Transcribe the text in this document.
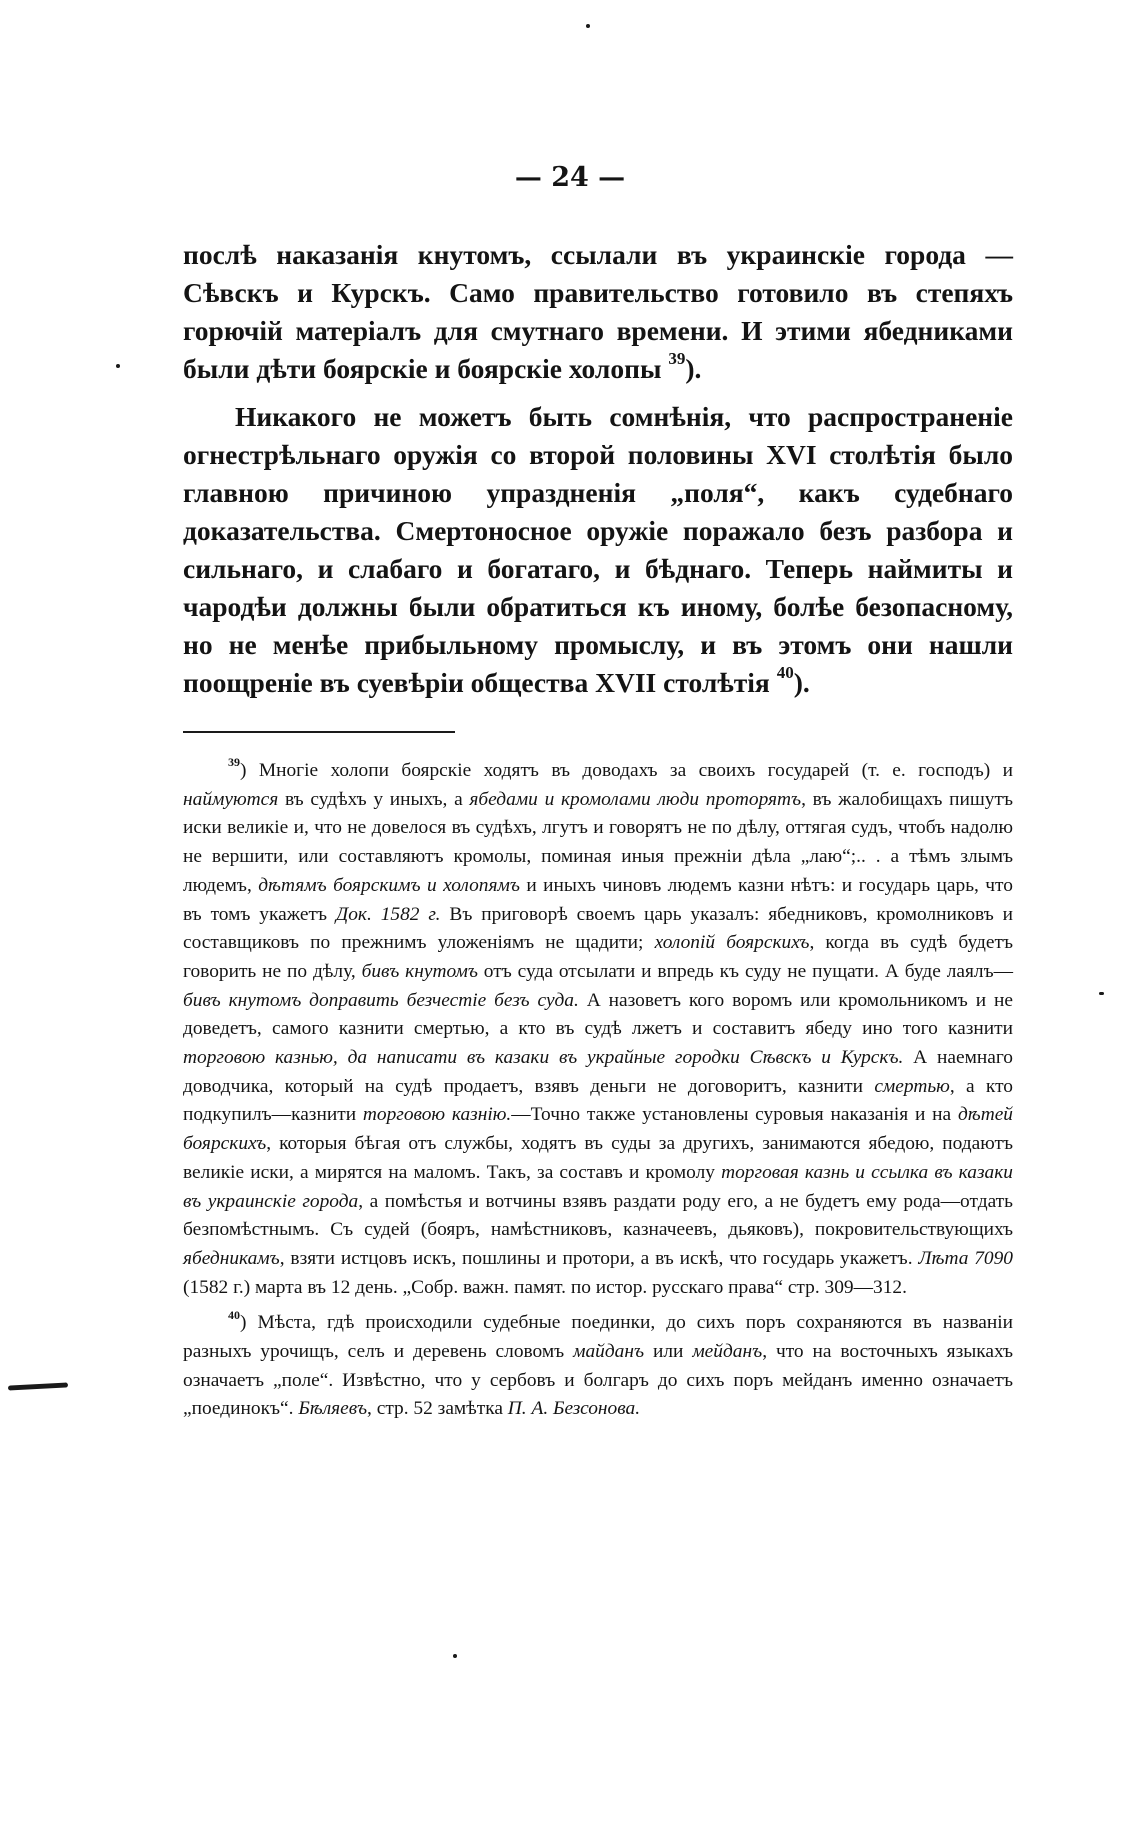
— 24 —

послѣ наказанія кнутомъ, ссылали въ украинскіе города — Сѣвскъ и Курскъ. Само правительство готовило въ степяхъ горючій матеріалъ для смутнаго времени. И этими ябедниками были дѣти боярскіе и боярскіе холопы $^{39}$).

Никакого не можетъ быть сомнѣнія, что распространеніе огнестрѣльнаго оружія со второй половины XVI столѣтія было главною причиною упраздненія „поля“, какъ судебнаго доказательства. Смертоносное оружіе поражало безъ разбора и сильнаго, и слабаго и богатаго, и бѣднаго. Теперь наймиты и чародѣи должны были обратиться къ иному, болѣе безопасному, но не менѣе прибыльному промыслу, и въ этомъ они нашли поощреніе въ суевѣріи общества XVII столѣтія $^{40}$).

$^{39}$) Многіе холопи боярскіе ходятъ въ доводахъ за своихъ государей (т. е. господъ) и наймуются въ судѣхъ у иныхъ, а ябедами и кромолами люди проторятъ, въ жалобищахъ пишутъ иски великіе и, что не довелося въ судѣхъ, лгутъ и говорятъ не по дѣлу, оттягая судъ, чтобъ надолю не вершити, или составляютъ кромолы, поминая иныя прежніи дѣла „лаю“;.. . а тѣмъ злымъ людемъ, дѣтямъ боярскимъ и холопямъ и иныхъ чиновъ людемъ казни нѣтъ: и государь царь, что въ томъ укажетъ Док. 1582 г. Въ приговорѣ своемъ царь указалъ: ябедниковъ, кромолниковъ и составщиковъ по прежнимъ уложеніямъ не щадити; холопій боярскихъ, когда въ судѣ будетъ говорить не по дѣлу, бивъ кнутомъ отъ суда отсылати и впредь къ суду не пущати. А буде лаялъ—бивъ кнутомъ доправить безчестіе безъ суда. А назоветъ кого воромъ или кромольникомъ и не доведетъ, самого казнити смертью, а кто въ судѣ лжетъ и составитъ ябеду ино того казнити торговою казнью, да написати въ казаки въ украйные городки Сѣвскъ и Курскъ. А наемнаго доводчика, который на судѣ продаетъ, взявъ деньги не договоритъ, казнити смертью, а кто подкупилъ—казнити торговою казнію.—Точно также установлены суровыя наказанія и на дѣтей боярскихъ, которыя бѣгая отъ службы, ходятъ въ суды за другихъ, занимаются ябедою, подаютъ великіе иски, а мирятся на маломъ. Такъ, за составъ и кромолу торговая казнь и ссылка въ казаки въ украинскіе города, а помѣстья и вотчины взявъ раздати роду его, а не будетъ ему рода—отдать безпомѣстнымъ. Съ судей (бояръ, намѣстниковъ, казначеевъ, дьяковъ), покровительствующихъ ябедникамъ, взяти истцовъ искъ, пошлины и протори, а въ искѣ, что государь укажетъ. Лѣта 7090 (1582 г.) марта въ 12 день. „Собр. важн. памят. по истор. русскаго права“ стр. 309—312.

$^{40}$) Мѣста, гдѣ происходили судебные поединки, до сихъ поръ сохраняются въ названіи разныхъ урочищъ, селъ и деревень словомъ майданъ или мейданъ, что на восточныхъ языкахъ означаетъ „поле“. Извѣстно, что у сербовъ и болгаръ до сихъ поръ мейданъ именно означаетъ „поединокъ“. Бѣляевъ, стр. 52 замѣтка П. А. Безсонова.
